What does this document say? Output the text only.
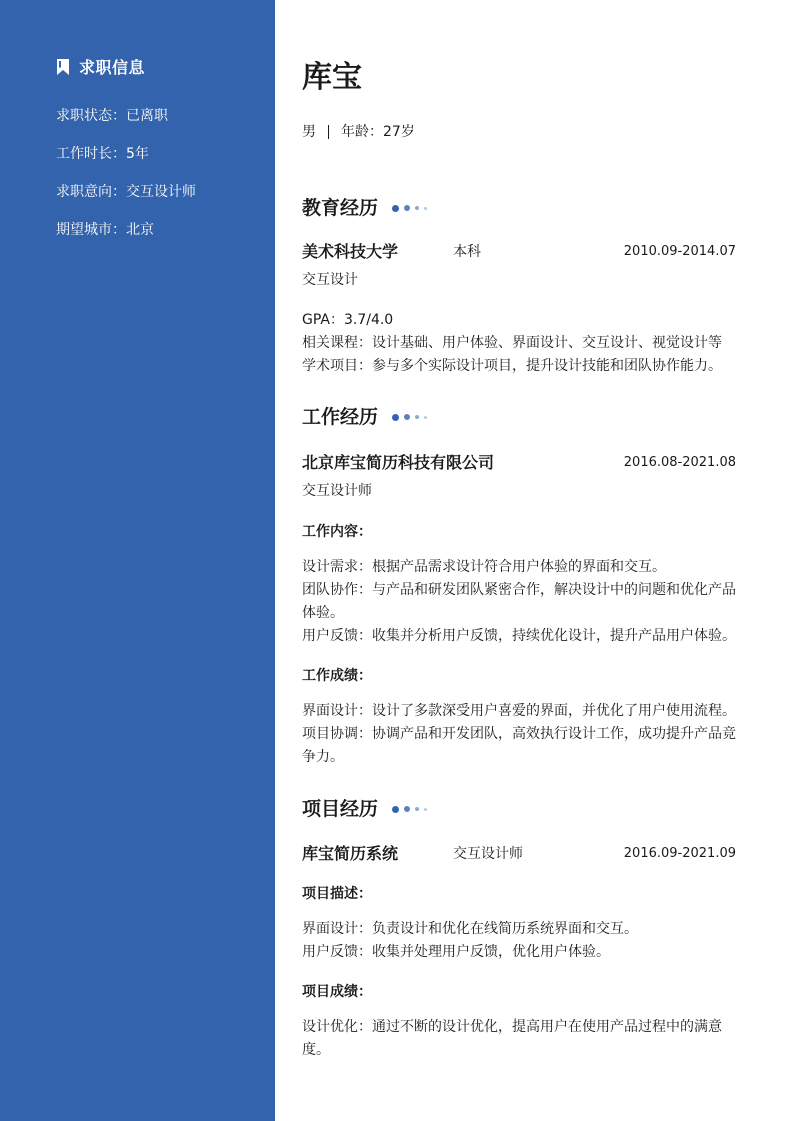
求职信息
求职状态：已离职
工作时长：5年
求职意向：交互设计师
期望城市：北京
库宝
男 年龄：27岁
教育经历
美术科技大学	本科	2010.09-2014.07
交互设计
GPA：3.7/4.0
相关课程：设计基础、用户体验、界面设计、交互设计、视觉设计等
学术项目：参与多个实际设计项目，提升设计技能和团队协作能力。
工作经历
北京库宝简历科技有限公司	2016.08-2021.08
交互设计师
工作内容：
设计需求：根据产品需求设计符合用户体验的界面和交互。
团队协作：与产品和研发团队紧密合作，解决设计中的问题和优化产品体验。
用户反馈：收集并分析用户反馈，持续优化设计，提升产品用户体验。
工作成绩：
界面设计：设计了多款深受用户喜爱的界面，并优化了用户使用流程。
项目协调：协调产品和开发团队，高效执行设计工作，成功提升产品竞争力。
项目经历
库宝简历系统	交互设计师	2016.09-2021.09
项目描述：
界面设计：负责设计和优化在线简历系统界面和交互。
用户反馈：收集并处理用户反馈，优化用户体验。
项目成绩：
设计优化：通过不断的设计优化，提高用户在使用产品过程中的满意度。
